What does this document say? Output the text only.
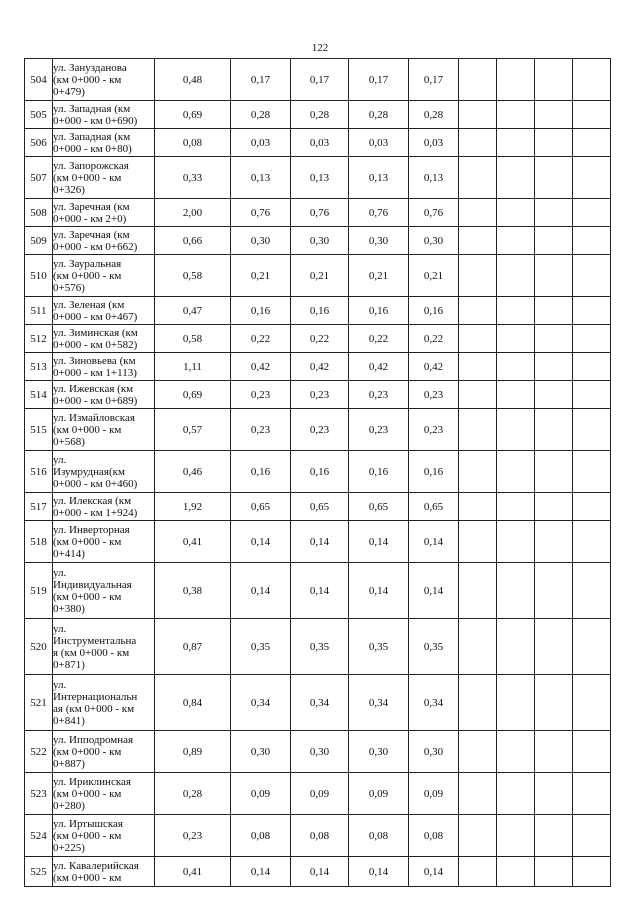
122
504	ул. Занузданова
(км 0+000 - км
0+479)	0,48	0,17	0,17	0,17	0,17				
505	ул. Западная (км
0+000 - км 0+690)	0,69	0,28	0,28	0,28	0,28				
506	ул. Западная (км
0+000 - км 0+80)	0,08	0,03	0,03	0,03	0,03				
507	ул. Запорожская
(км 0+000 - км
0+326)	0,33	0,13	0,13	0,13	0,13				
508	ул. Заречная (км
0+000 - км 2+0)	2,00	0,76	0,76	0,76	0,76				
509	ул. Заречная (км
0+000 - км 0+662)	0,66	0,30	0,30	0,30	0,30				
510	ул. Зауральная
(км 0+000 - км
0+576)	0,58	0,21	0,21	0,21	0,21				
511	ул. Зеленая (км
0+000 - км 0+467)	0,47	0,16	0,16	0,16	0,16				
512	ул. Зиминская (км
0+000 - км 0+582)	0,58	0,22	0,22	0,22	0,22				
513	ул. Зиновьева (км
0+000 - км 1+113)	1,11	0,42	0,42	0,42	0,42				
514	ул. Ижевская (км
0+000 - км 0+689)	0,69	0,23	0,23	0,23	0,23				
515	ул. Измайловская
(км 0+000 - км
0+568)	0,57	0,23	0,23	0,23	0,23				
516	ул.
Изумрудная(км
0+000 - км 0+460)	0,46	0,16	0,16	0,16	0,16				
517	ул. Илекская (км
0+000 - км 1+924)	1,92	0,65	0,65	0,65	0,65				
518	ул. Инверторная
(км 0+000 - км
0+414)	0,41	0,14	0,14	0,14	0,14				
519	ул.
Индивидуальная
(км 0+000 - км
0+380)	0,38	0,14	0,14	0,14	0,14				
520	ул.
Инструментальна
я (км 0+000 - км
0+871)	0,87	0,35	0,35	0,35	0,35				
521	ул.
Интернациональн
ая (км 0+000 - км
0+841)	0,84	0,34	0,34	0,34	0,34				
522	ул. Ипподромная
(км 0+000 - км
0+887)	0,89	0,30	0,30	0,30	0,30				
523	ул. Ириклинская
(км 0+000 - км
0+280)	0,28	0,09	0,09	0,09	0,09				
524	ул. Иртышская
(км 0+000 - км
0+225)	0,23	0,08	0,08	0,08	0,08				
525	ул. Кавалерийская
(км 0+000 - км	0,41	0,14	0,14	0,14	0,14				
